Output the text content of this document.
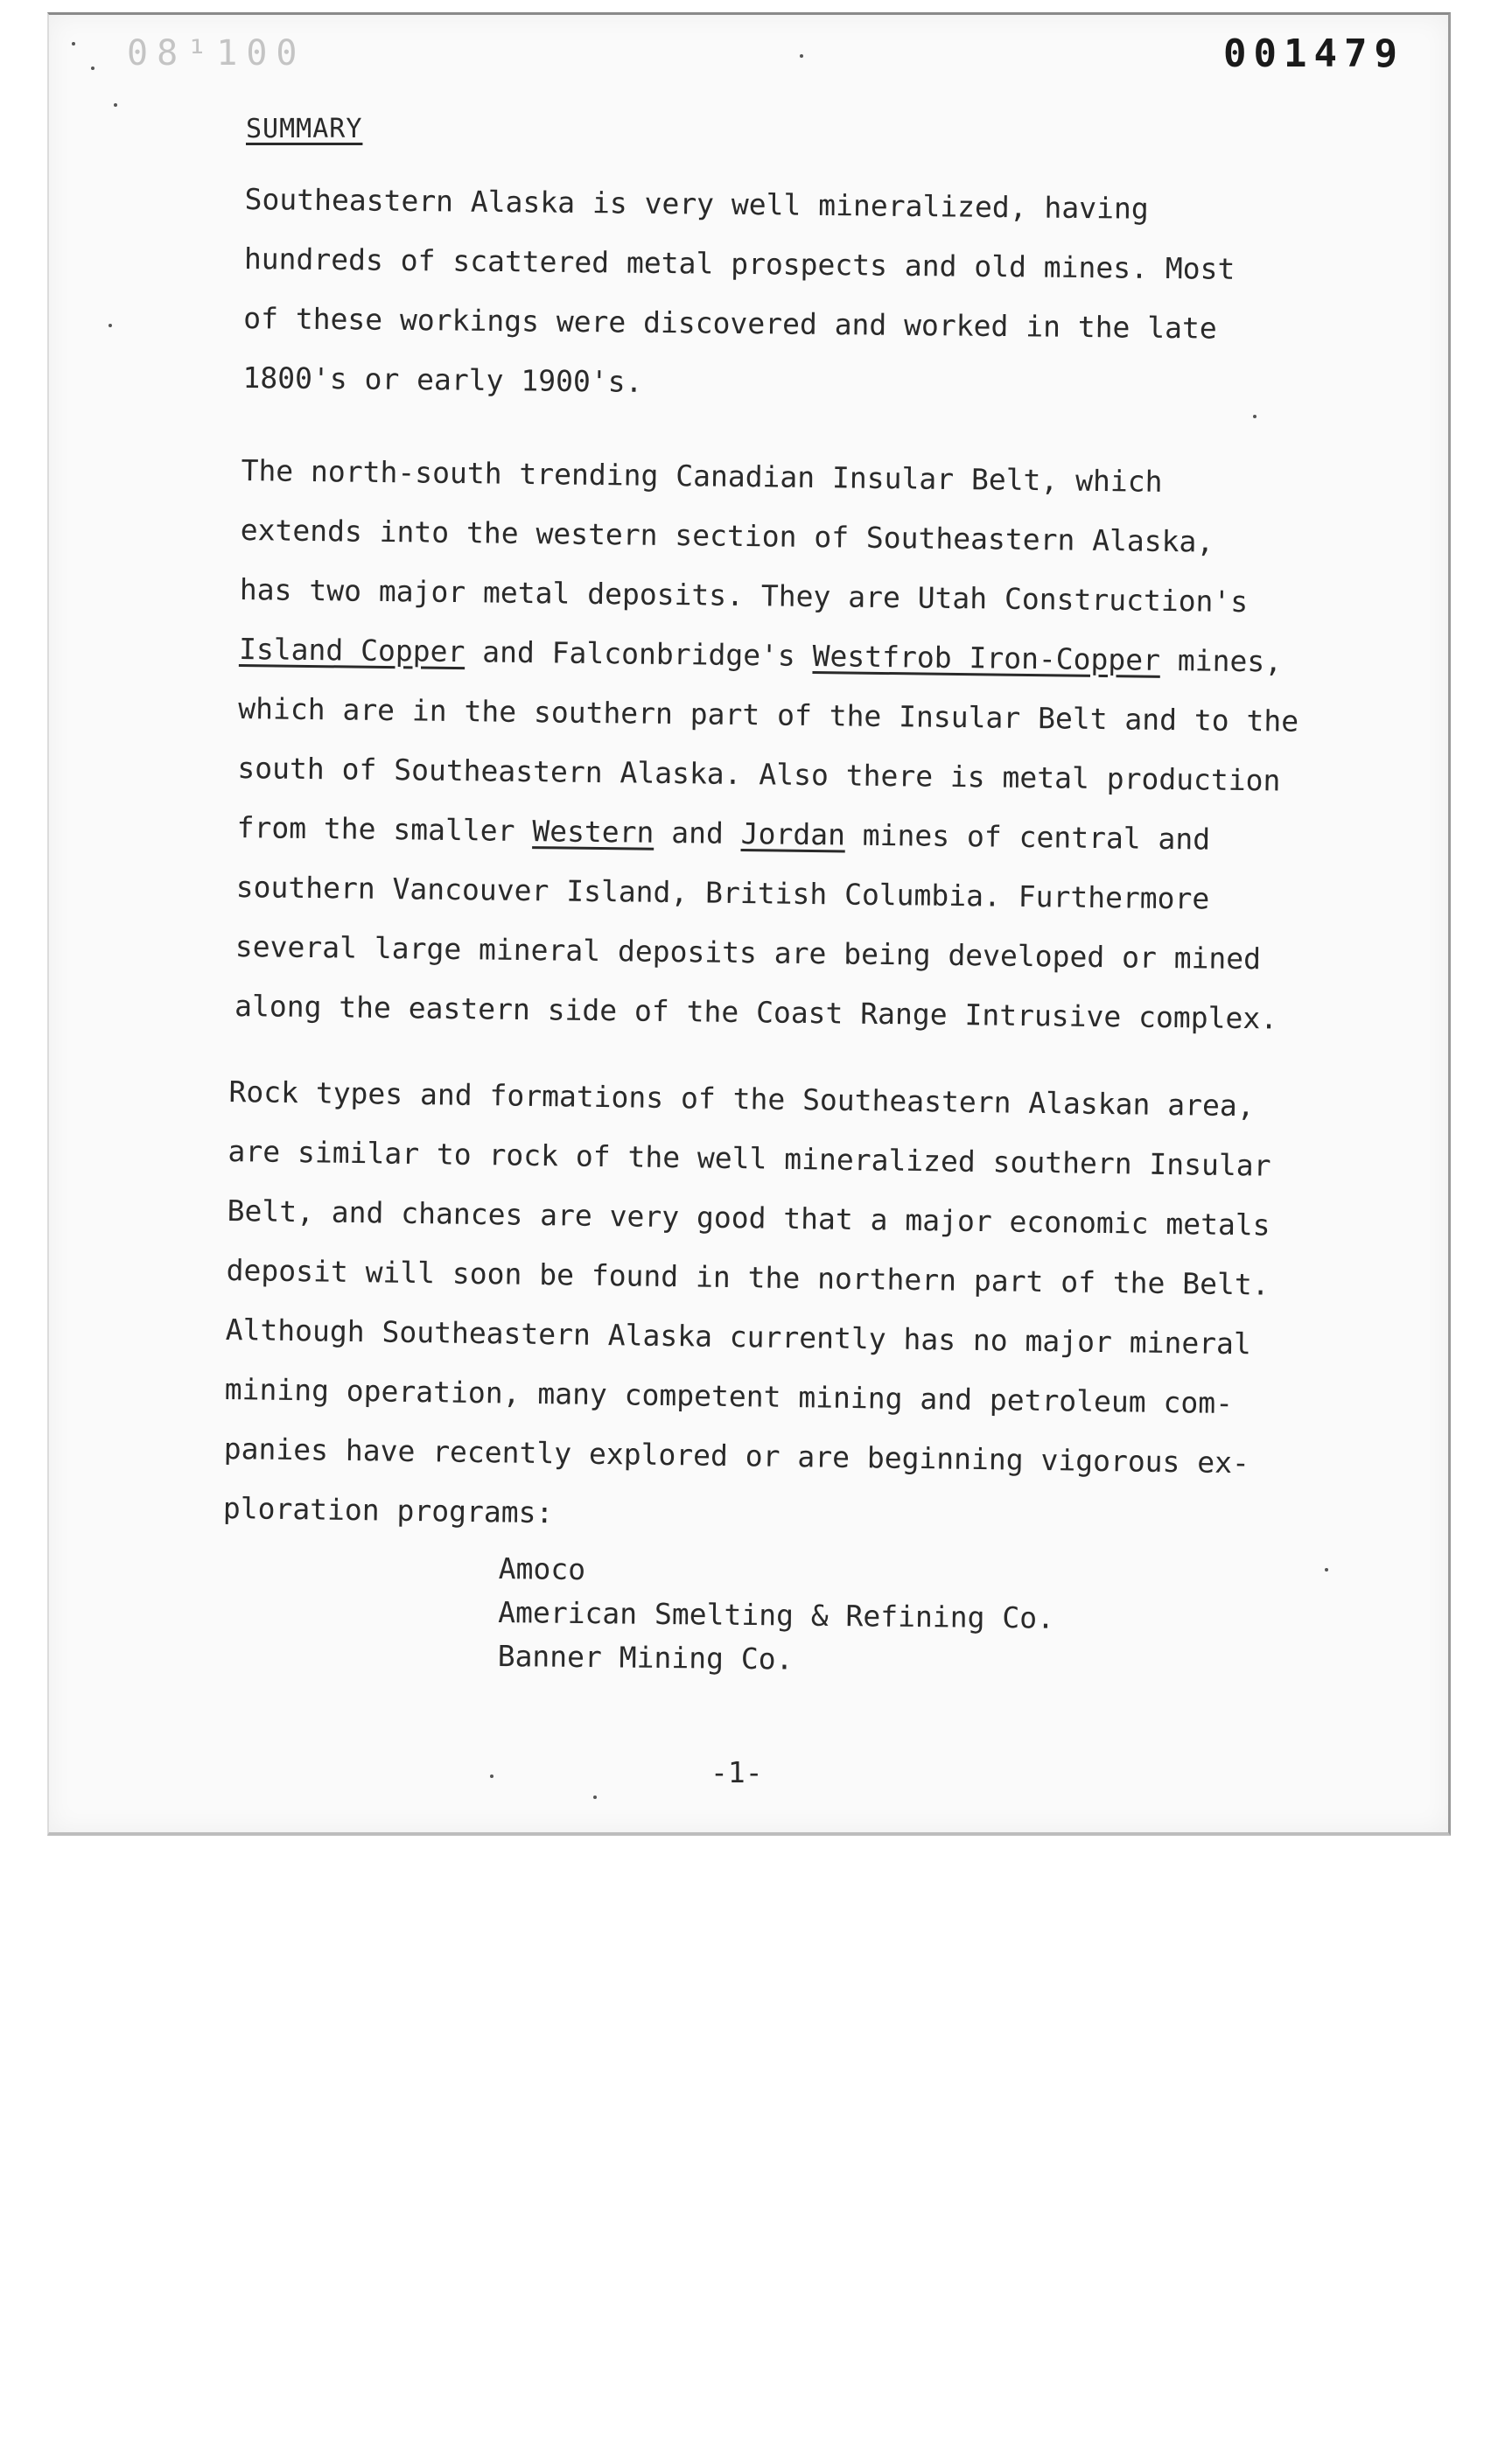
08¹100	001479
SUMMARY
Southeastern Alaska is very well mineralized, having
hundreds of scattered metal prospects and old mines. Most
of these workings were discovered and worked in the late
1800's or early 1900's.
The north-south trending Canadian Insular Belt, which
extends into the western section of Southeastern Alaska,
has two major metal deposits. They are Utah Construction's
Island Copper and Falconbridge's Westfrob Iron-Copper mines,
which are in the southern part of the Insular Belt and to the
south of Southeastern Alaska. Also there is metal production
from the smaller Western and Jordan mines of central and
southern Vancouver Island, British Columbia. Furthermore
several large mineral deposits are being developed or mined
along the eastern side of the Coast Range Intrusive complex.
Rock types and formations of the Southeastern Alaskan area,
are similar to rock of the well mineralized southern Insular
Belt, and chances are very good that a major economic metals
deposit will soon be found in the northern part of the Belt.
Although Southeastern Alaska currently has no major mineral
mining operation, many competent mining and petroleum com-
panies have recently explored or are beginning vigorous ex-
ploration programs:
Amoco
American Smelting & Refining Co.
Banner Mining Co.
-1-
